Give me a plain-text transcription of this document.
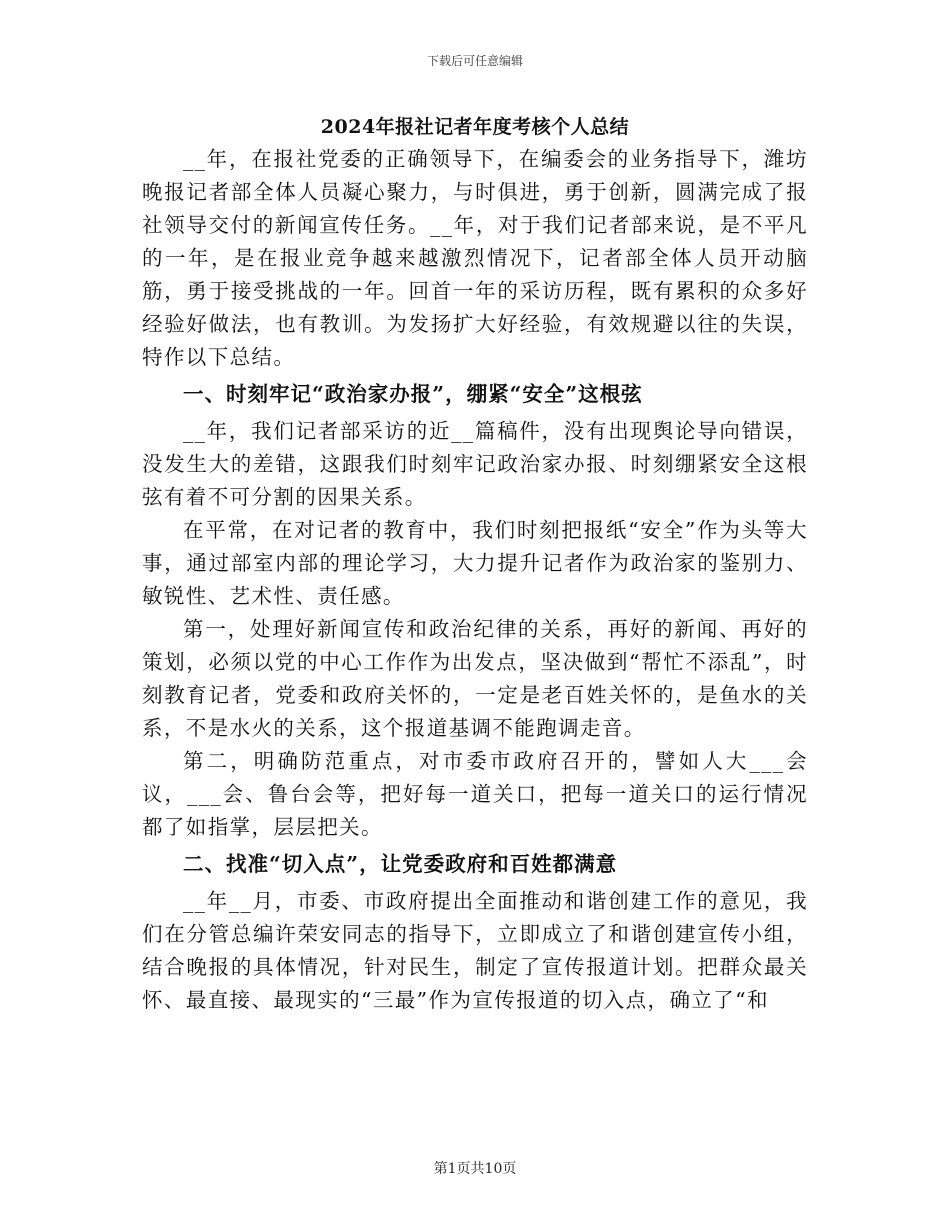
下载后可任意编辑
2024年报社记者年度考核个人总结

__年，在报社党委的正确领导下，在编委会的业务指导下，潍坊晚报记者部全体人员凝心聚力，与时俱进，勇于创新，圆满完成了报社领导交付的新闻宣传任务。__年，对于我们记者部来说，是不平凡的一年，是在报业竞争越来越激烈情况下，记者部全体人员开动脑筋，勇于接受挑战的一年。回首一年的采访历程，既有累积的众多好经验好做法，也有教训。为发扬扩大好经验，有效规避以往的失误，特作以下总结。

一、时刻牢记“政治家办报”，绷紧“安全”这根弦

__年，我们记者部采访的近__篇稿件，没有出现舆论导向错误，没发生大的差错，这跟我们时刻牢记政治家办报、时刻绷紧安全这根弦有着不可分割的因果关系。

在平常，在对记者的教育中，我们时刻把报纸“安全”作为头等大事，通过部室内部的理论学习，大力提升记者作为政治家的鉴别力、敏锐性、艺术性、责任感。

第一，处理好新闻宣传和政治纪律的关系，再好的新闻、再好的策划，必须以党的中心工作作为出发点，坚决做到“帮忙不添乱”，时刻教育记者，党委和政府关怀的，一定是老百姓关怀的，是鱼水的关系，不是水火的关系，这个报道基调不能跑调走音。

第二，明确防范重点，对市委市政府召开的，譬如人大___会议，___会、鲁台会等，把好每一道关口，把每一道关口的运行情况都了如指掌，层层把关。

二、找准“切入点”，让党委政府和百姓都满意

__年__月，市委、市政府提出全面推动和谐创建工作的意见，我们在分管总编许荣安同志的指导下，立即成立了和谐创建宣传小组，结合晚报的具体情况，针对民生，制定了宣传报道计划。把群众最关怀、最直接、最现实的“三最”作为宣传报道的切入点，确立了“和

第1页共10页
